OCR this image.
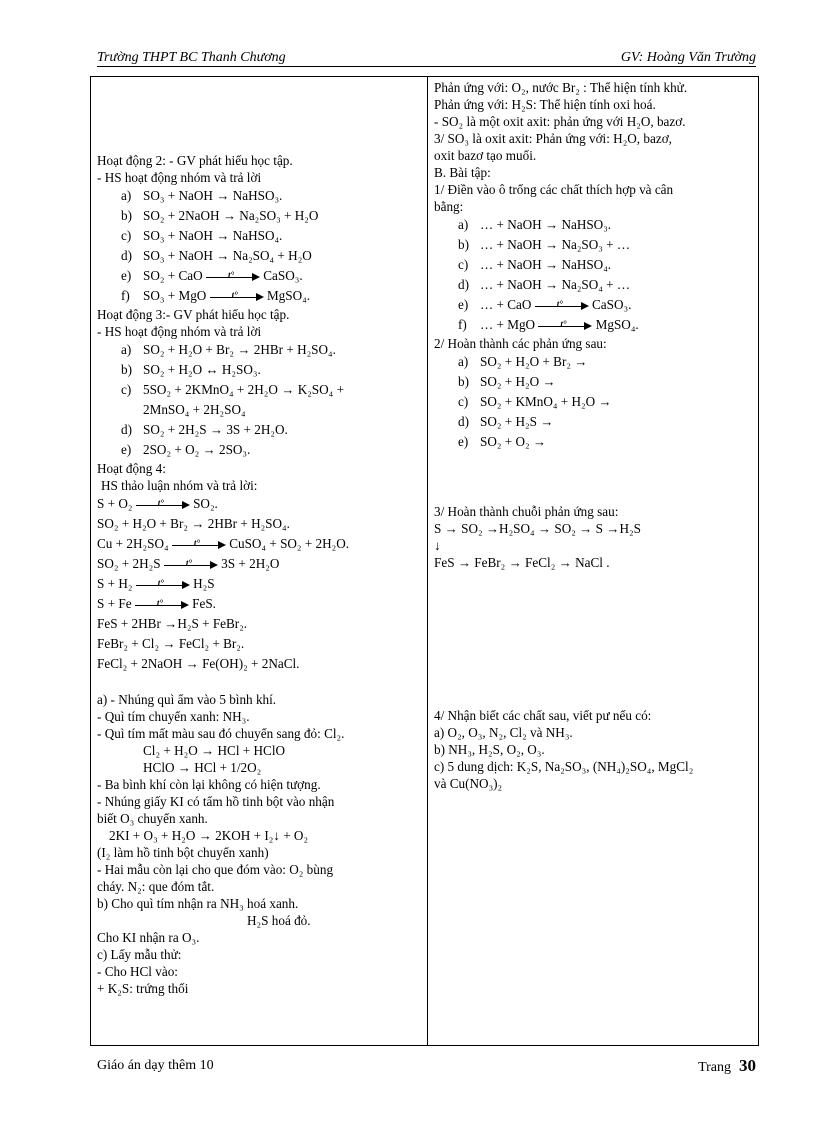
Trường THPT BC Thanh Chương	GV: Hoàng Văn Trường
Hoạt động 2: - GV phát hiếu học tập.
- HS hoạt động nhóm và trả lời
a) SO₃ + NaOH → NaHSO₃.
b) SO₂ + 2NaOH → Na₂SO₃ + H₂O
c) SO₃ + NaOH → NaHSO₄.
d) SO₃ + NaOH → Na₂SO₄ + H₂O
e) SO₂ + CaO	t° CaSO₃.
f) SO₃ + MgO	t° MgSO₄.
Hoạt động 3:- GV phát hiếu học tập.
- HS hoạt động nhóm và trả lời
a) SO₂ + H₂O + Br₂ → 2HBr + H₂SO₄.
b) SO₂ + H₂O ↔ H₂SO₃.
c) 5SO₂ + 2KMnO₄ + 2H₂O → K₂SO₄ +
2MnSO₄ + 2H₂SO₄
d) SO₂ + 2H₂S → 3S + 2H₂O.
e) 2SO₂ + O₂ → 2SO₃.
Hoạt động 4:
HS thảo luận nhóm và trả lời:
S + O₂	t° SO₂.
SO₂ + H₂O + Br₂ → 2HBr + H₂SO₄.
Cu + 2H₂SO₄	t° CuSO₄ + SO₂ + 2H₂O.
SO₂ + 2H₂S	t° 3S + 2H₂O
S + H₂	t° H₂S
S + Fe	t° FeS.
FeS + 2HBr →H₂S + FeBr₂.
FeBr₂ + Cl₂ → FeCl₂ + Br₂.
FeCl₂ + 2NaOH → Fe(OH)₂ + 2NaCl.
a) - Nhúng quì ẩm vào 5 bình khí.
- Quì tím chuyển xanh: NH₃.
- Quì tím mất màu sau đó chuyển sang đỏ: Cl₂.
Cl₂ + H₂O → HCl + HClO
HClO → HCl + 1/2O₂
- Ba bình khí còn lại không có hiện tượng.
- Nhúng giấy KI có tẩm hồ tinh bột vào nhận
biết O₃ chuyển xanh.
2KI + O₃ + H₂O → 2KOH + I₂↓ + O₂
(I₂ làm hồ tinh bột chuyển xanh)
- Hai mẫu còn lại cho que đóm vào: O₂ bùng
cháy. N₂: que đóm tắt.
b) Cho quì tím nhận ra NH₃ hoá xanh.
H₂S hoá đỏ.
Cho KI nhận ra O₃.
c) Lấy mẫu thử:
- Cho HCl vào:
+ K₂S: trứng thối
Phản ứng với: O₂, nước Br₂ : Thể hiện tính khử.
Phản ứng với: H₂S: Thể hiện tính oxi hoá.
- SO₂ là một oxit axit: phản ứng với H₂O, bazơ.
3/ SO₃ là oxit axit: Phản ứng với: H₂O, bazơ,
oxit bazơ tạo muối.
B. Bài tập:
1/ Điền vào ô trống các chất thích hợp và cân
bằng:
a) … + NaOH → NaHSO₃.
b) … + NaOH → Na₂SO₃ + …
c) … + NaOH → NaHSO₄.
d) … + NaOH → Na₂SO₄ + …
e) … + CaO	t° CaSO₃.
f) … + MgO	t° MgSO₄.
2/ Hoàn thành các phản ứng sau:
a) SO₂ + H₂O + Br₂ →
b) SO₂ + H₂O →
c) SO₂ + KMnO₄ + H₂O →
d) SO₂ + H₂S →
e) SO₂ + O₂ →
3/ Hoàn thành chuỗi phản ứng sau:
S → SO₂ →H₂SO₄ → SO₂ → S →H₂S
↓
FeS → FeBr₂ → FeCl₂ → NaCl .
4/ Nhận biết các chất sau, viết pư nếu có:
a) O₂, O₃, N₂, Cl₂ và NH₃.
b) NH₃, H₂S, O₂, O₃.
c) 5 dung dịch: K₂S, Na₂SO₃, (NH₄)₂SO₄, MgCl₂
và Cu(NO₃)₂
Giáo án dạy thêm 10	Trang 30
